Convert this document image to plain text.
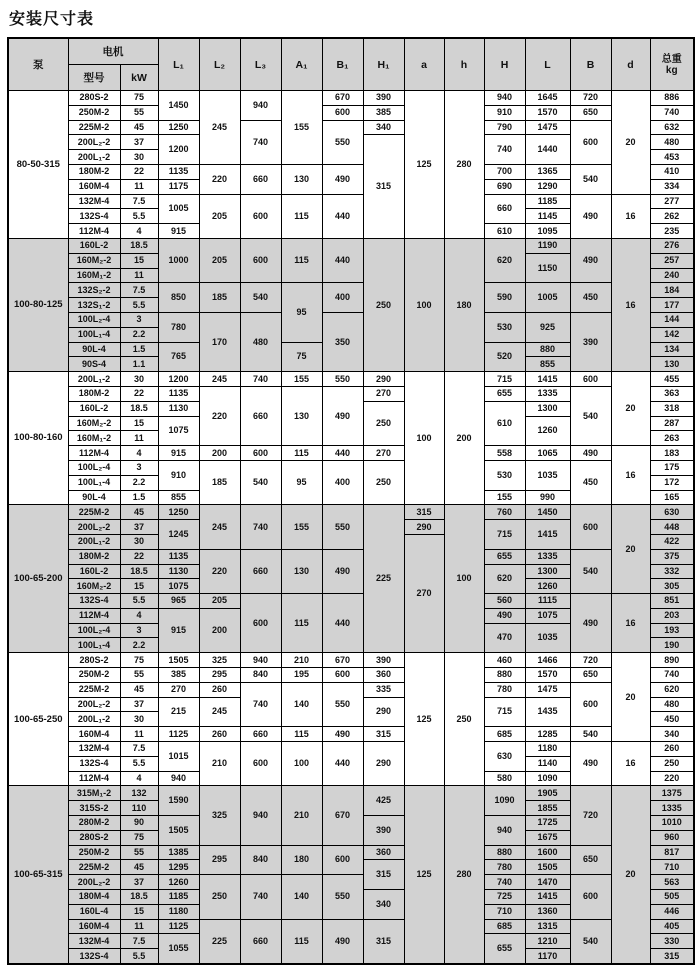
安装尺寸表
泵	电机		L₁	L₂	L₃	A₁	B₁	H₁	a	h	H	L	B	d	总重
kg

	型号	kW													
80-50-315	280S-2	75	1450	245	940	155	670	390	125	280	940	1645	720	20	886
	250M-2	55					600	385			910	1570	650		740
	225M-2	45	1250		740		550	340			790	1475	600		632
	200L₂-2	37	1200					315			740	1440			480
	200L₁-2	30													453
	180M-2	22	1135	220	660	130	490				700	1365	540		410
	160M-4	11	1175								690	1290			334
	132M-4	7.5	1005	205	600	115	440				660	1185	490	16	277
	132S-4	5.5										1145			262
	112M-4	4	915								610	1095			235
100-80-125	160L-2	18.5	1000	205	600	115	440	250	100	180	620	1190	490	16	276
	160M₂-2	15										1150			257
	160M₁-2	11													240
	132S₂-2	7.5	850	185	540	95	400				590	1005	450		184
	132S₁-2	5.5													177
	100L₂-4	3	780	170	480		350				530	925	390		144
	100L₁-4	2.2													142
	90L-4	1.5	765			75					520	880			134
	90S-4	1.1										855			130
100-80-160	200L₁-2	30	1200	245	740	155	550	290	100	200	715	1415	600	20	455
	180M-2	22	1135	220	660	130	490	270			655	1335	540		363
	160L-2	18.5	1130					250			610	1300			318
	160M₂-2	15	1075									1260			287
	160M₁-2	11													263
	112M-4	4	915	200	600	115	440	270			558	1065	490	16	183
	100L₂-4	3	910	185	540	95	400	250			530	1035	450		175
	100L₁-4	2.2													172
	90L-4	1.5	855								155	990			165
100-65-200	225M-2	45	1250	245	740	155	550	225	315	100	760	1450	600	20	630
	200L₂-2	37	1245						290		715	1415			448
	200L₁-2	30							270						422
	180M-2	22	1135	220	660	130	490				655	1335	540		375
	160L-2	18.5	1130								620	1300			332
	160M₂-2	15	1075									1260			305
	132S-4	5.5	965	205	600	115	440				560	1115	490	16	851
	112M-4	4	915	200							490	1075			203
	100L₂-4	3									470	1035			193
	100L₁-4	2.2													190
100-65-250	280S-2	75	1505	325	940	210	670	390	125	250	460	1466	720	20	890
	250M-2	55	385	295	840	195	600	360			880	1570	650		740
	225M-2	45	270	260	740	140	550	335			780	1475	600		620
	200L₂-2	37	215	245				290			715	1435			480
	200L₁-2	30													450
	160M-4	11	1125	260	660	115	490	315			685	1285	540		340
	132M-4	7.5	1015	210	600	100	440	290			630	1180	490	16	260
	132S-4	5.5										1140			250
	112M-4	4	940								580	1090			220
100-65-315	315M₁-2	132	1590	325	940	210	670	425	125	280	1090	1905	720	20	1375
	315S-2	110										1855			1335
	280M-2	90	1505					390			940	1725			1010
	280S-2	75										1675			960
	250M-2	55	1385	295	840	180	600	360			880	1600	650		817
	225M-2	45	1295					315			780	1505			710
	200L₂-2	37	1260	250	740	140	550				740	1470	600		563
	180M-4	18.5	1185					340			725	1415			505
	160L-4	15	1180								710	1360			446
	160M-4	11	1125	225	660	115	490	315			685	1315	540		405
	132M-4	7.5	1055								655	1210			330
	132S-4	5.5										1170			315
